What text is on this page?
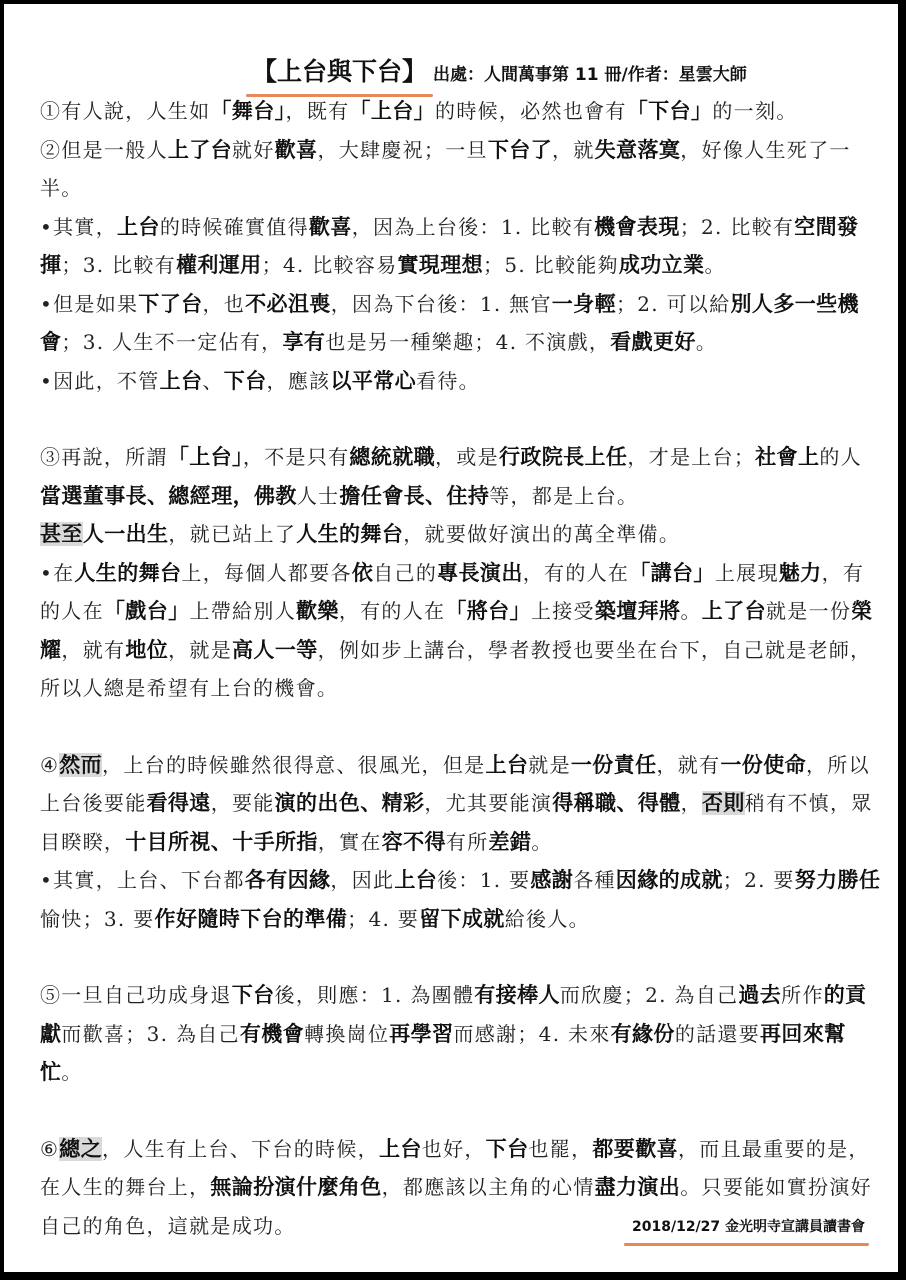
【上台與下台】 出處：人間萬事第 11 冊/作者：星雲大師

①有人說，人生如「舞台」，既有「上台」的時候，必然也會有「下台」的一刻。

②但是一般人上了台就好歡喜，大肆慶祝；一旦下台了，就失意落寞，好像人生死了一半。

•其實，上台的時候確實值得歡喜，因為上台後：1. 比較有機會表現；2. 比較有空間發揮；3. 比較有權利運用；4. 比較容易實現理想；5. 比較能夠成功立業。

•但是如果下了台，也不必沮喪，因為下台後：1. 無官一身輕；2. 可以給別人多一些機會；3. 人生不一定佔有，享有也是另一種樂趣；4. 不演戲，看戲更好。

•因此，不管上台、下台，應該以平常心看待。

③再說，所謂「上台」，不是只有總統就職，或是行政院長上任，才是上台；社會上的人當選董事長、總經理，佛教人士擔任會長、住持等，都是上台。

甚至人一出生，就已站上了人生的舞台，就要做好演出的萬全準備。

•在人生的舞台上，每個人都要各依自己的專長演出，有的人在「講台」上展現魅力，有的人在「戲台」上帶給別人歡樂，有的人在「將台」上接受築壇拜將。上了台就是一份榮耀，就有地位，就是高人一等，例如步上講台，學者教授也要坐在台下，自己就是老師，所以人總是希望有上台的機會。

④然而，上台的時候雖然很得意、很風光，但是上台就是一份責任，就有一份使命，所以上台後要能看得遠，要能演的出色、精彩，尤其要能演得稱職、得體，否則稍有不慎，眾目睽睽，十目所視、十手所指，實在容不得有所差錯。

•其實，上台、下台都各有因緣，因此上台後：1. 要感謝各種因緣的成就；2. 要努力勝任愉快；3. 要作好隨時下台的準備；4. 要留下成就給後人。

⑤一旦自己功成身退下台後，則應：1. 為團體有接棒人而欣慶；2. 為自己過去所作的貢獻而歡喜；3. 為自己有機會轉換崗位再學習而感謝；4. 未來有緣份的話還要再回來幫忙。

⑥總之，人生有上台、下台的時候，上台也好，下台也罷，都要歡喜，而且最重要的是，在人生的舞台上，無論扮演什麼角色，都應該以主角的心情盡力演出。只要能如實扮演好自己的角色，這就是成功。	2018/12/27 金光明寺宣講員讀書會
